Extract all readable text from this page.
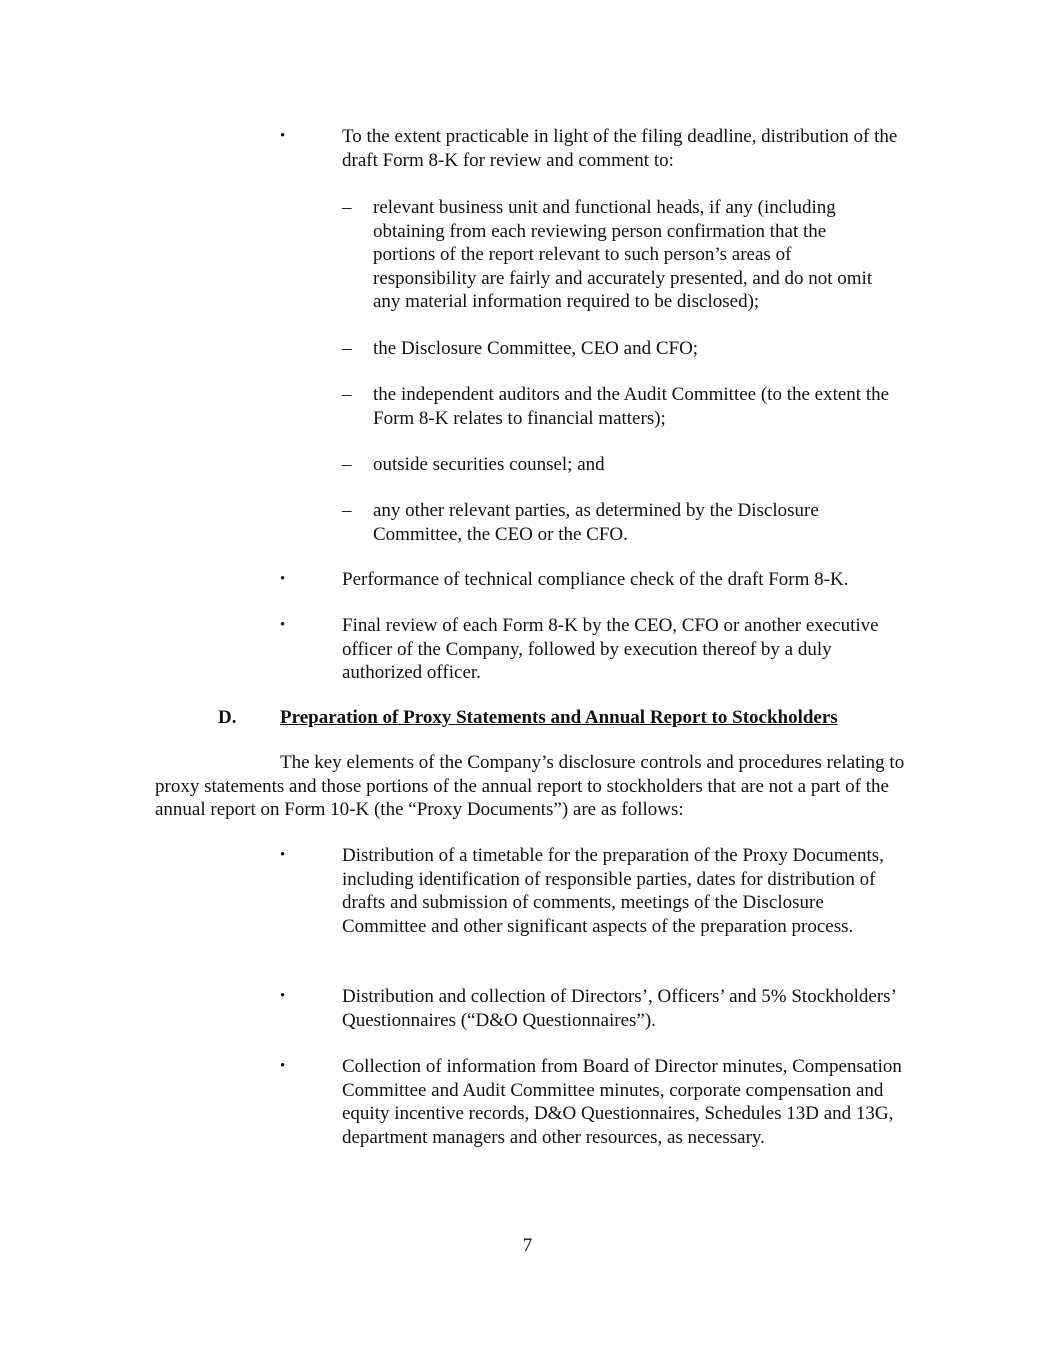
•	To the extent practicable in light of the filing deadline, distribution of the draft Form 8-K for review and comment to:
– relevant business unit and functional heads, if any (including obtaining from each reviewing person confirmation that the portions of the report relevant to such person’s areas of responsibility are fairly and accurately presented, and do not omit any material information required to be disclosed);
– the Disclosure Committee, CEO and CFO;
– the independent auditors and the Audit Committee (to the extent the Form 8-K relates to financial matters);
– outside securities counsel; and
– any other relevant parties, as determined by the Disclosure Committee, the CEO or the CFO.
•	Performance of technical compliance check of the draft Form 8-K.
•	Final review of each Form 8-K by the CEO, CFO or another executive officer of the Company, followed by execution thereof by a duly authorized officer.
D. Preparation of Proxy Statements and Annual Report to Stockholders
The key elements of the Company’s disclosure controls and procedures relating to proxy statements and those portions of the annual report to stockholders that are not a part of the annual report on Form 10-K (the “Proxy Documents”) are as follows:
•	Distribution of a timetable for the preparation of the Proxy Documents, including identification of responsible parties, dates for distribution of drafts and submission of comments, meetings of the Disclosure Committee and other significant aspects of the preparation process.
•	Distribution and collection of Directors’, Officers’ and 5% Stockholders’ Questionnaires (“D&O Questionnaires”).
•	Collection of information from Board of Director minutes, Compensation Committee and Audit Committee minutes, corporate compensation and equity incentive records, D&O Questionnaires, Schedules 13D and 13G, department managers and other resources, as necessary.
7
